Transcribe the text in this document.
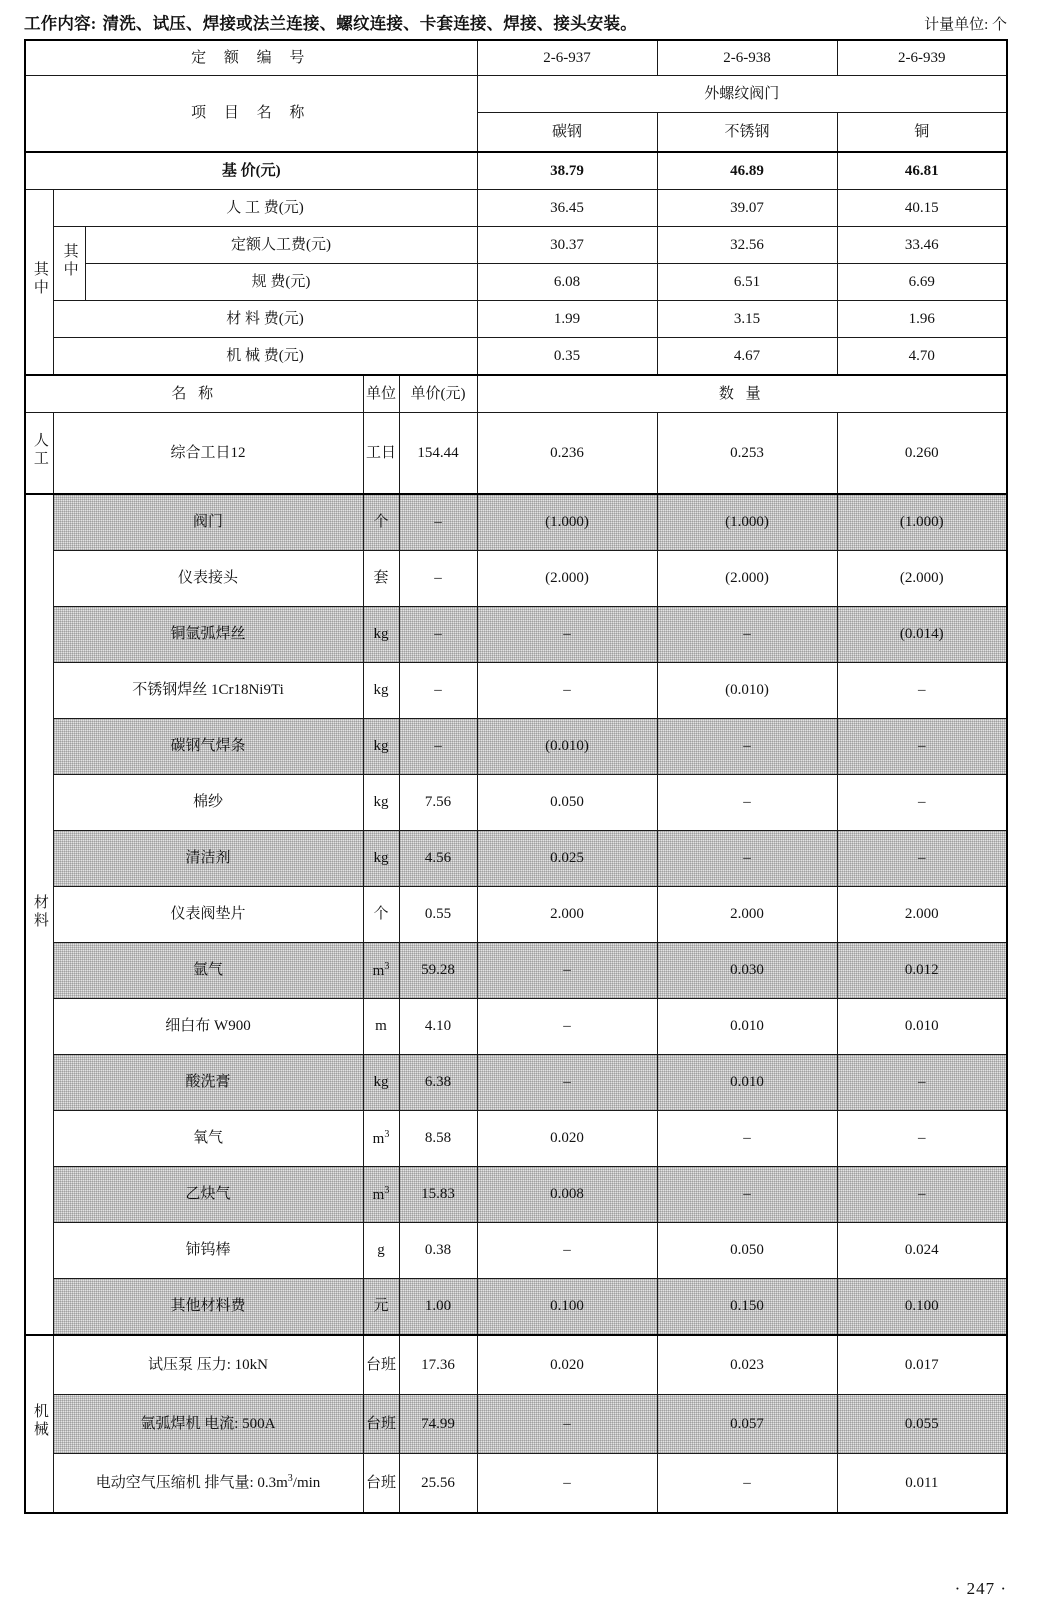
工作内容: 清洗、试压、焊接或法兰连接、螺纹连接、卡套连接、焊接、接头安装。	计量单位: 个
定 额 编 号					2-6-937	2-6-938	2-6-939
项 目 名 称					外螺纹阀门		
					碳钢	不锈钢	铜
基 价(元)					38.79	46.89	46.81
其中	人 工 费(元)				36.45	39.07	40.15
	其中	定额人工费(元)			30.37	32.56	33.46
		规 费(元)			6.08	6.51	6.69
	材 料 费(元)				1.99	3.15	1.96
	机 械 费(元)				0.35	4.67	4.70
名 称			单位	单价(元)	数 量		
人工	综合工日12		工日	154.44	0.236	0.253	0.260
材料	阀门		个	–	(1.000)	(1.000)	(1.000)
	仪表接头		套	–	(2.000)	(2.000)	(2.000)
	铜氩弧焊丝		kg	–	–	–	(0.014)
	不锈钢焊丝 1Cr18Ni9Ti		kg	–	–	(0.010)	–
	碳钢气焊条		kg	–	(0.010)	–	–
	棉纱		kg	7.56	0.050	–	–
	清洁剂		kg	4.56	0.025	–	–
	仪表阀垫片		个	0.55	2.000	2.000	2.000
	氩气		$m^3$	59.28	–	0.030	0.012
	细白布 W900		m	4.10	–	0.010	0.010
	酸洗膏		kg	6.38	–	0.010	–
	氧气		$m^3$	8.58	0.020	–	–
	乙炔气		$m^3$	15.83	0.008	–	–
	铈钨棒		g	0.38	–	0.050	0.024
	其他材料费		元	1.00	0.100	0.150	0.100
机械	试压泵 压力: 10kN		台班	17.36	0.020	0.023	0.017
	氩弧焊机 电流: 500A		台班	74.99	–	0.057	0.055
	电动空气压缩机 排气量: $0.3m^3/\min$		台班	25.56	–	–	0.011
· 247 ·
